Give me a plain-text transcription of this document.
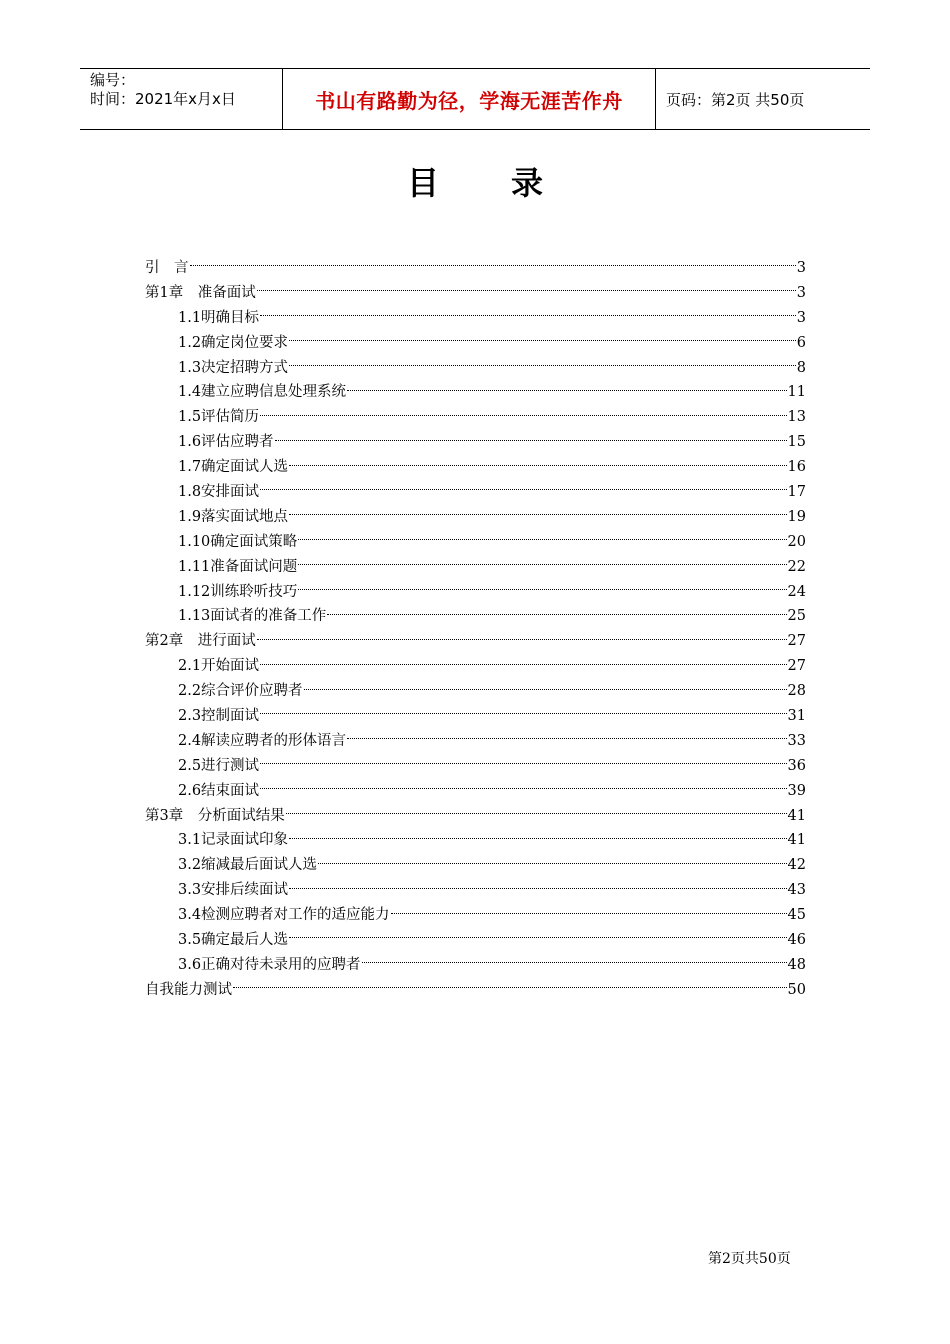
编号：
时间：2021年x月x日	书山有路勤为径，学海无涯苦作舟	页码：第2页 共50页
目 录
引　言	3
第1章　准备面试	3
1.1明确目标	3
1.2确定岗位要求	6
1.3决定招聘方式	8
1.4建立应聘信息处理系统	11
1.5评估简历	13
1.6评估应聘者	15
1.7确定面试人选	16
1.8安排面试	17
1.9落实面试地点	19
1.10确定面试策略	20
1.11准备面试问题	22
1.12训练聆听技巧	24
1.13面试者的准备工作	25
第2章　进行面试	27
2.1开始面试	27
2.2综合评价应聘者	28
2.3控制面试	31
2.4解读应聘者的形体语言	33
2.5进行测试	36
2.6结束面试	39
第3章　分析面试结果	41
3.1记录面试印象	41
3.2缩减最后面试人选	42
3.3安排后续面试	43
3.4检测应聘者对工作的适应能力	45
3.5确定最后人选	46
3.6正确对待未录用的应聘者	48
自我能力测试	50
第2页共50页
